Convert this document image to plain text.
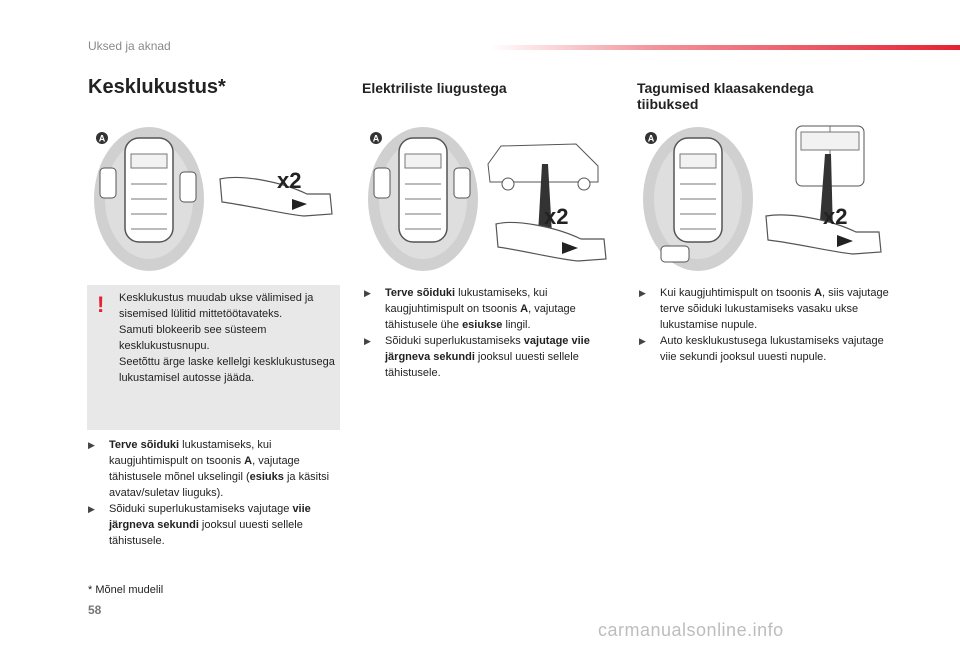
Uksed ja aknad
Kesklukustus*	Elektriliste liugustega	Tagumised klaasakendega tiibuksed
A
x2
A
x2
A
x2
! Kesklukustus muudab ukse välimised ja sisemised lülitid mittetöötavateks.

Samuti blokeerib see süsteem kesklukustusnupu.

Seetõttu ärge laske kellelgi kesklukustusega lukustamisel autosse jääda.

▶ Terve sõiduki lukustamiseks, kui kaugjuhtimispult on tsoonis A, vajutage tähistusele mõnel ukselingil (esiuks ja käsitsi avatav/suletav liuguks).
▶ Sõiduki superlukustamiseks vajutage viie järgneva sekundi jooksul uuesti sellele tähistusele.
▶ Terve sõiduki lukustamiseks, kui kaugjuhtimispult on tsoonis A, vajutage tähistusele ühe esiukse lingil.
▶ Sõiduki superlukustamiseks vajutage viie järgneva sekundi jooksul uuesti sellele tähistusele.
▶ Kui kaugjuhtimispult on tsoonis A, siis vajutage terve sõiduki lukustamiseks vasaku ukse lukustamise nupule.
▶ Auto kesklukustusega lukustamiseks vajutage viie sekundi jooksul uuesti nupule.
* Mõnel mudelil
58
carmanualsonline.info
